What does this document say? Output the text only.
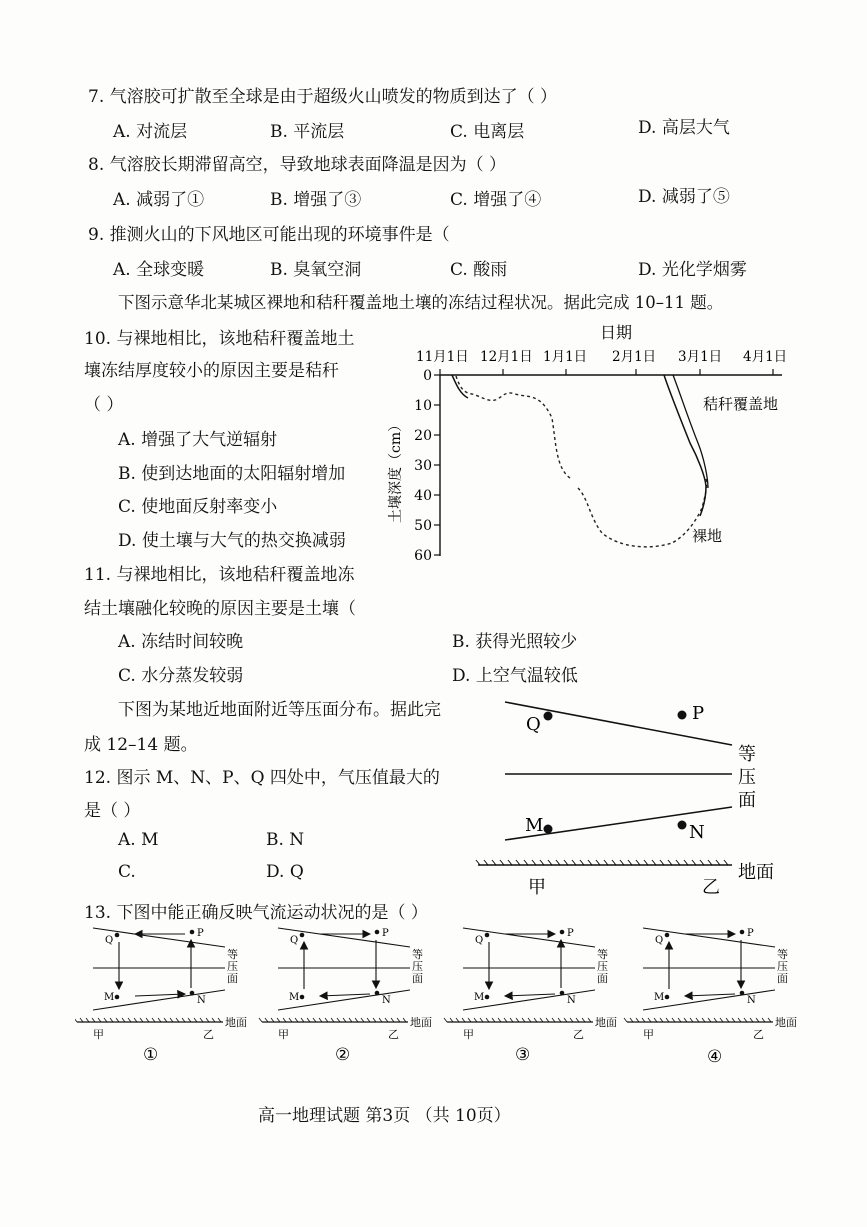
7. 气溶胶可扩散至全球是由于超级火山喷发的物质到达了（ ）
A. 对流层	B. 平流层	C. 电离层	D. 高层大气
8. 气溶胶长期滞留高空，导致地球表面降温是因为（ ）
A. 减弱了①	B. 增强了③	C. 增强了④	D. 减弱了⑤
9. 推测火山的下风地区可能出现的环境事件是（
A. 全球变暖	B. 臭氧空洞	C. 酸雨	D. 光化学烟雾
下图示意华北某城区裸地和秸秆覆盖地土壤的冻结过程状况。据此完成 10–11 题。
10. 与裸地相比，该地秸秆覆盖地土
壤冻结厚度较小的原因主要是秸秆
（ ）
A. 增强了大气逆辐射
B. 使到达地面的太阳辐射增加
C. 使地面反射率变小
D. 使土壤与大气的热交换减弱
日期
11月1日 12月1日 1月1日 2月1日 3月1日 4月1日
0
10
20
30
40
50
60
土壤深度（cm）
秸秆覆盖地
裸地
11. 与裸地相比，该地秸秆覆盖地冻
结土壤融化较晚的原因主要是土壤（
A. 冻结时间较晚	B. 获得光照较少
C. 水分蒸发较弱	D. 上空气温较低
下图为某地近地面附近等压面分布。据此完
成 12–14 题。
12. 图示 M、N、P、Q 四处中，气压值最大的
是（ ）
A. M	B. N
C.	D. Q
Q
P
M	N
等
压
面
地面
甲	乙
13. 下图中能正确反映气流运动状况的是（ ）
Q
P
M	N
等
压
面
地面
甲	乙
①
Q
P
M	N
等
压
面
地面
甲	乙
②
Q
P
M	N
等
压
面
地面
甲	乙
③
Q
P
M	N
等
压
面
地面
甲	乙
④
高一地理试题 第3页 （共 10页）
